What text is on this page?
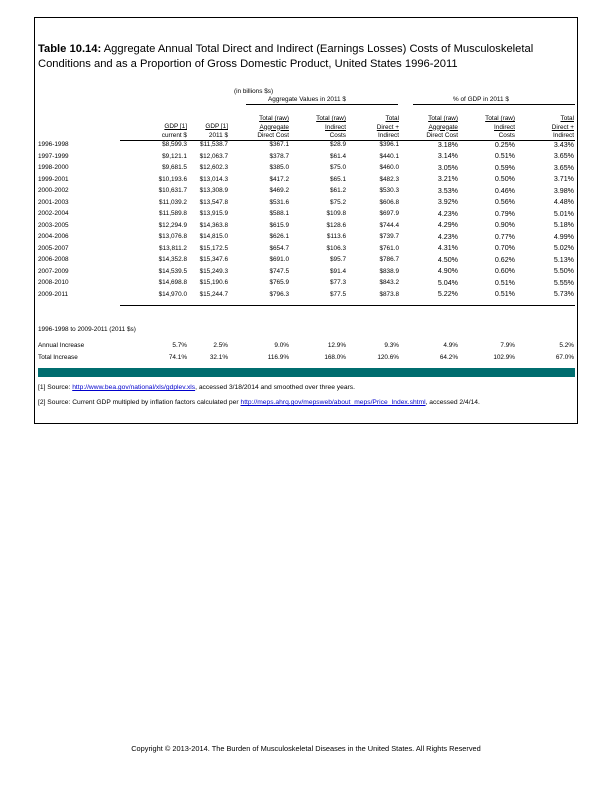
Table 10.14: Aggregate Annual Total Direct and Indirect (Earnings Losses) Costs of Musculoskeletal Conditions and as a Proportion of Gross Domestic Product, United States 1996-2011
(in billions $s)
Aggregate Values in 2011 $	% of GDP in 2011 $
GDP [1]
current $
GDP [1]
2011 $
Total (raw)
Aggregate
Direct Cost
Total (raw)
Indirect
Costs
Total
Direct +
Indirect
Total (raw)
Aggregate
Direct Cost
Total (raw)
Indirect
Costs
Total
Direct +
Indirect
1996-1998	$8,599.3	$11,538.7	$367.1	$28.9	$396.1	3.18%	0.25%	3.43%
1997-1999	$9,121.1	$12,063.7	$378.7	$61.4	$440.1	3.14%	0.51%	3.65%
1998-2000	$9,681.5	$12,602.3	$385.0	$75.0	$460.0	3.05%	0.59%	3.65%
1999-2001	$10,193.6	$13,014.3	$417.2	$65.1	$482.3	3.21%	0.50%	3.71%
2000-2002	$10,631.7	$13,308.9	$469.2	$61.2	$530.3	3.53%	0.46%	3.98%
2001-2003	$11,039.2	$13,547.8	$531.6	$75.2	$606.8	3.92%	0.56%	4.48%
2002-2004	$11,589.8	$13,915.9	$588.1	$109.8	$697.9	4.23%	0.79%	5.01%
2003-2005	$12,294.9	$14,363.8	$615.9	$128.6	$744.4	4.29%	0.90%	5.18%
2004-2006	$13,076.8	$14,815.0	$626.1	$113.6	$739.7	4.23%	0.77%	4.99%
2005-2007	$13,811.2	$15,172.5	$654.7	$106.3	$761.0	4.31%	0.70%	5.02%
2006-2008	$14,352.8	$15,347.6	$691.0	$95.7	$786.7	4.50%	0.62%	5.13%
2007-2009	$14,539.5	$15,249.3	$747.5	$91.4	$838.9	4.90%	0.60%	5.50%
2008-2010	$14,698.8	$15,190.6	$765.9	$77.3	$843.2	5.04%	0.51%	5.55%
2009-2011	$14,970.0	$15,244.7	$796.3	$77.5	$873.8	5.22%	0.51%	5.73%
1996-1998 to 2009-2011 (2011 $s)
Annual Increase	5.7%	2.5%	9.0%	12.9%	9.3%	4.9%	7.9%	5.2%
Total Increase	74.1%	32.1%	116.9%	168.0%	120.6%	64.2%	102.9%	67.0%
[1] Source: http://www.bea.gov/national/xls/gdplev.xls, accessed 3/18/2014 and smoothed over three years.
[2] Source: Current GDP multipled by inflation factors calculated per http://meps.ahrq.gov/mepsweb/about_meps/Price_Index.shtml, accessed 2/4/14.
Copyright © 2013-2014. The Burden of Musculoskeletal Diseases in the United States. All Rights Reserved
